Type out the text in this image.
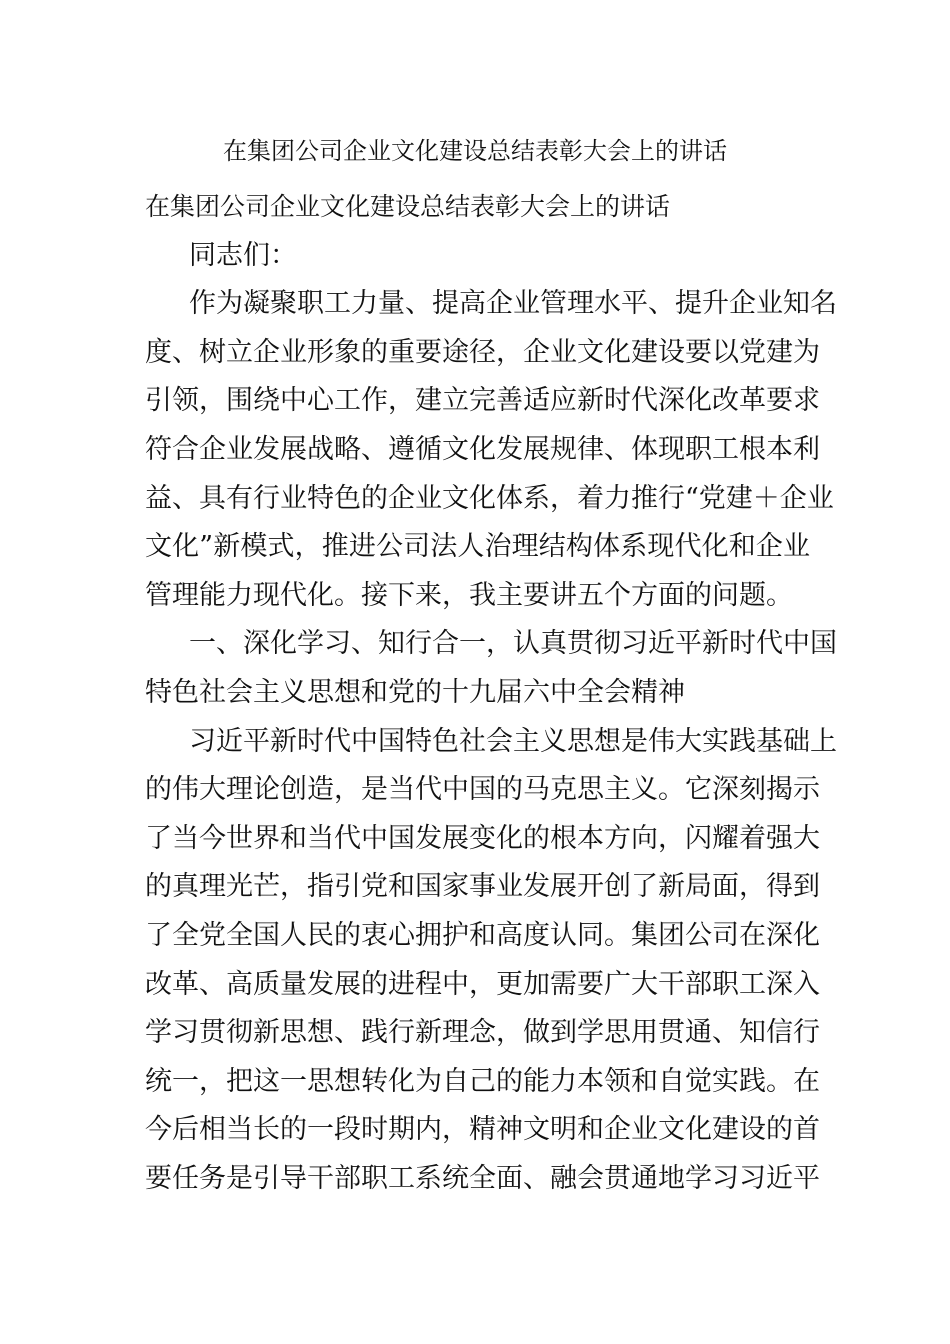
在集团公司企业文化建设总结表彰大会上的讲话
在集团公司企业文化建设总结表彰大会上的讲话
同志们：
作为凝聚职工力量、提高企业管理水平、提升企业知名
度、树立企业形象的重要途径，企业文化建设要以党建为
引领，围绕中心工作，建立完善适应新时代深化改革要求
符合企业发展战略、遵循文化发展规律、体现职工根本利
益、具有行业特色的企业文化体系，着力推行“党建＋企业
文化”新模式，推进公司法人治理结构体系现代化和企业
管理能力现代化。接下来，我主要讲五个方面的问题。
一、深化学习、知行合一，认真贯彻习近平新时代中国
特色社会主义思想和党的十九届六中全会精神
习近平新时代中国特色社会主义思想是伟大实践基础上
的伟大理论创造，是当代中国的马克思主义。它深刻揭示
了当今世界和当代中国发展变化的根本方向，闪耀着强大
的真理光芒，指引党和国家事业发展开创了新局面，得到
了全党全国人民的衷心拥护和高度认同。集团公司在深化
改革、高质量发展的进程中，更加需要广大干部职工深入
学习贯彻新思想、践行新理念，做到学思用贯通、知信行
统一，把这一思想转化为自己的能力本领和自觉实践。在
今后相当长的一段时期内，精神文明和企业文化建设的首
要任务是引导干部职工系统全面、融会贯通地学习习近平
